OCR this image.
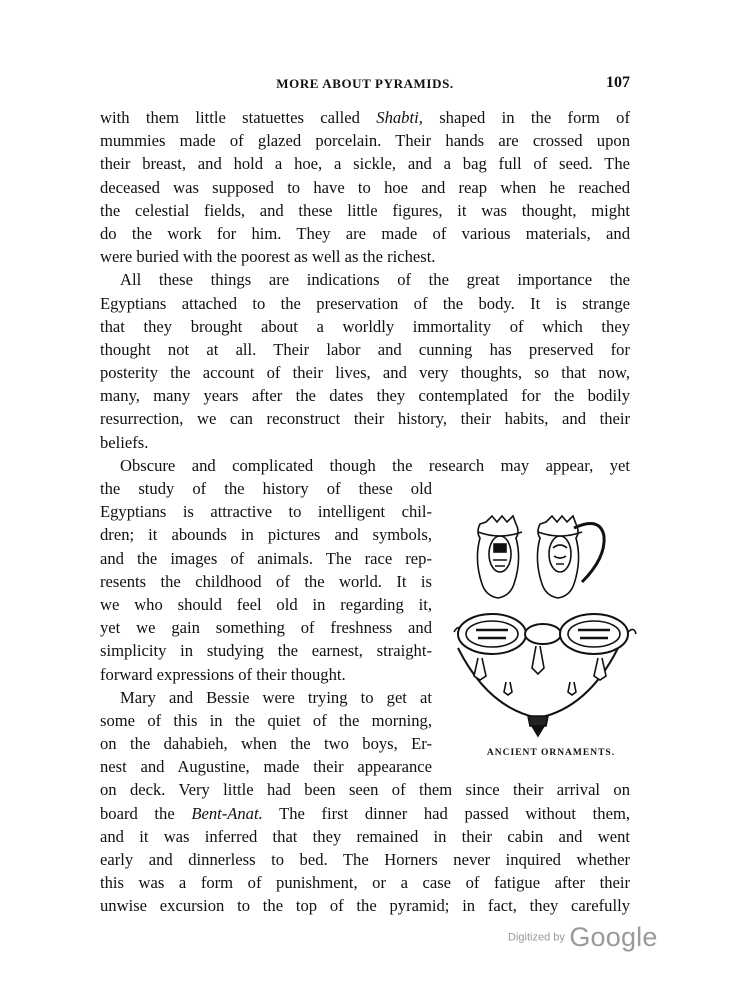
MORE ABOUT PYRAMIDS.	107
with them little statuettes called Shabti, shaped in the form of
mummies made of glazed porcelain. Their hands are crossed upon
their breast, and hold a hoe, a sickle, and a bag full of seed. The
deceased was supposed to have to hoe and reap when he reached
the celestial fields, and these little figures, it was thought, might
do the work for him. They are made of various materials, and
were buried with the poorest as well as the richest.
All these things are indications of the great importance the
Egyptians attached to the preservation of the body. It is strange
that they brought about a worldly immortality of which they
thought not at all. Their labor and cunning has preserved for
posterity the account of their lives, and very thoughts, so that now,
many, many years after the dates they contemplated for the bodily
resurrection, we can reconstruct their history, their habits, and their
beliefs.
Obscure and complicated though the research may appear, yet
the study of the history of these old
Egyptians is attractive to intelligent chil-
dren; it abounds in pictures and symbols,
and the images of animals. The race rep-
resents the childhood of the world. It is
we who should feel old in regarding it,
yet we gain something of freshness and
simplicity in studying the earnest, straight-
forward expressions of their thought.
Mary and Bessie were trying to get at
some of this in the quiet of the morning,
on the dahabieh, when the two boys, Er-
nest and Augustine, made their appearance
on deck. Very little had been seen of them since their arrival on
board the Bent-Anat. The first dinner had passed without them,
and it was inferred that they remained in their cabin and went
early and dinnerless to bed. The Horners never inquired whether
this was a form of punishment, or a case of fatigue after their
unwise excursion to the top of the pyramid; in fact, they carefully
ANCIENT ORNAMENTS.
Digitized by Google
